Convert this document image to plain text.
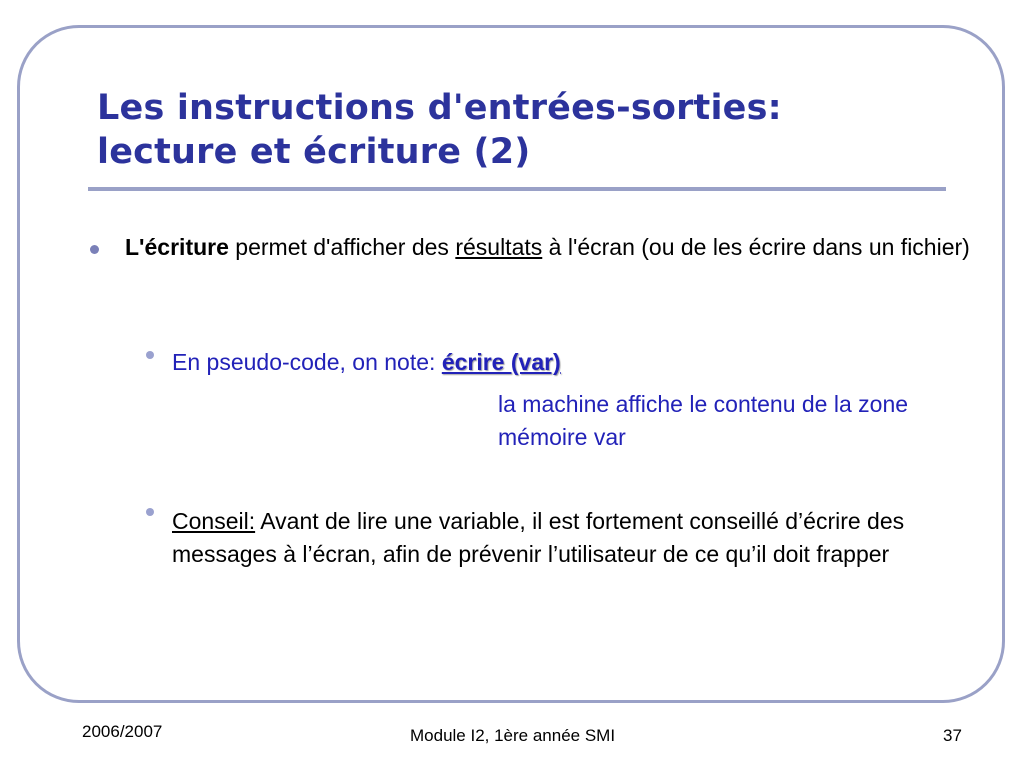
Les instructions d'entrées-sorties:
lecture et écriture (2)
L'écriture permet d'afficher des résultats à l'écran (ou de les écrire dans un fichier)
En pseudo-code, on note: écrire (var)
la machine affiche le contenu de la zone mémoire var
Conseil: Avant de lire une variable, il est fortement conseillé d’écrire des messages à l’écran, afin de prévenir l’utilisateur de ce qu’il doit frapper
2006/2007	Module I2, 1ère année SMI	37
